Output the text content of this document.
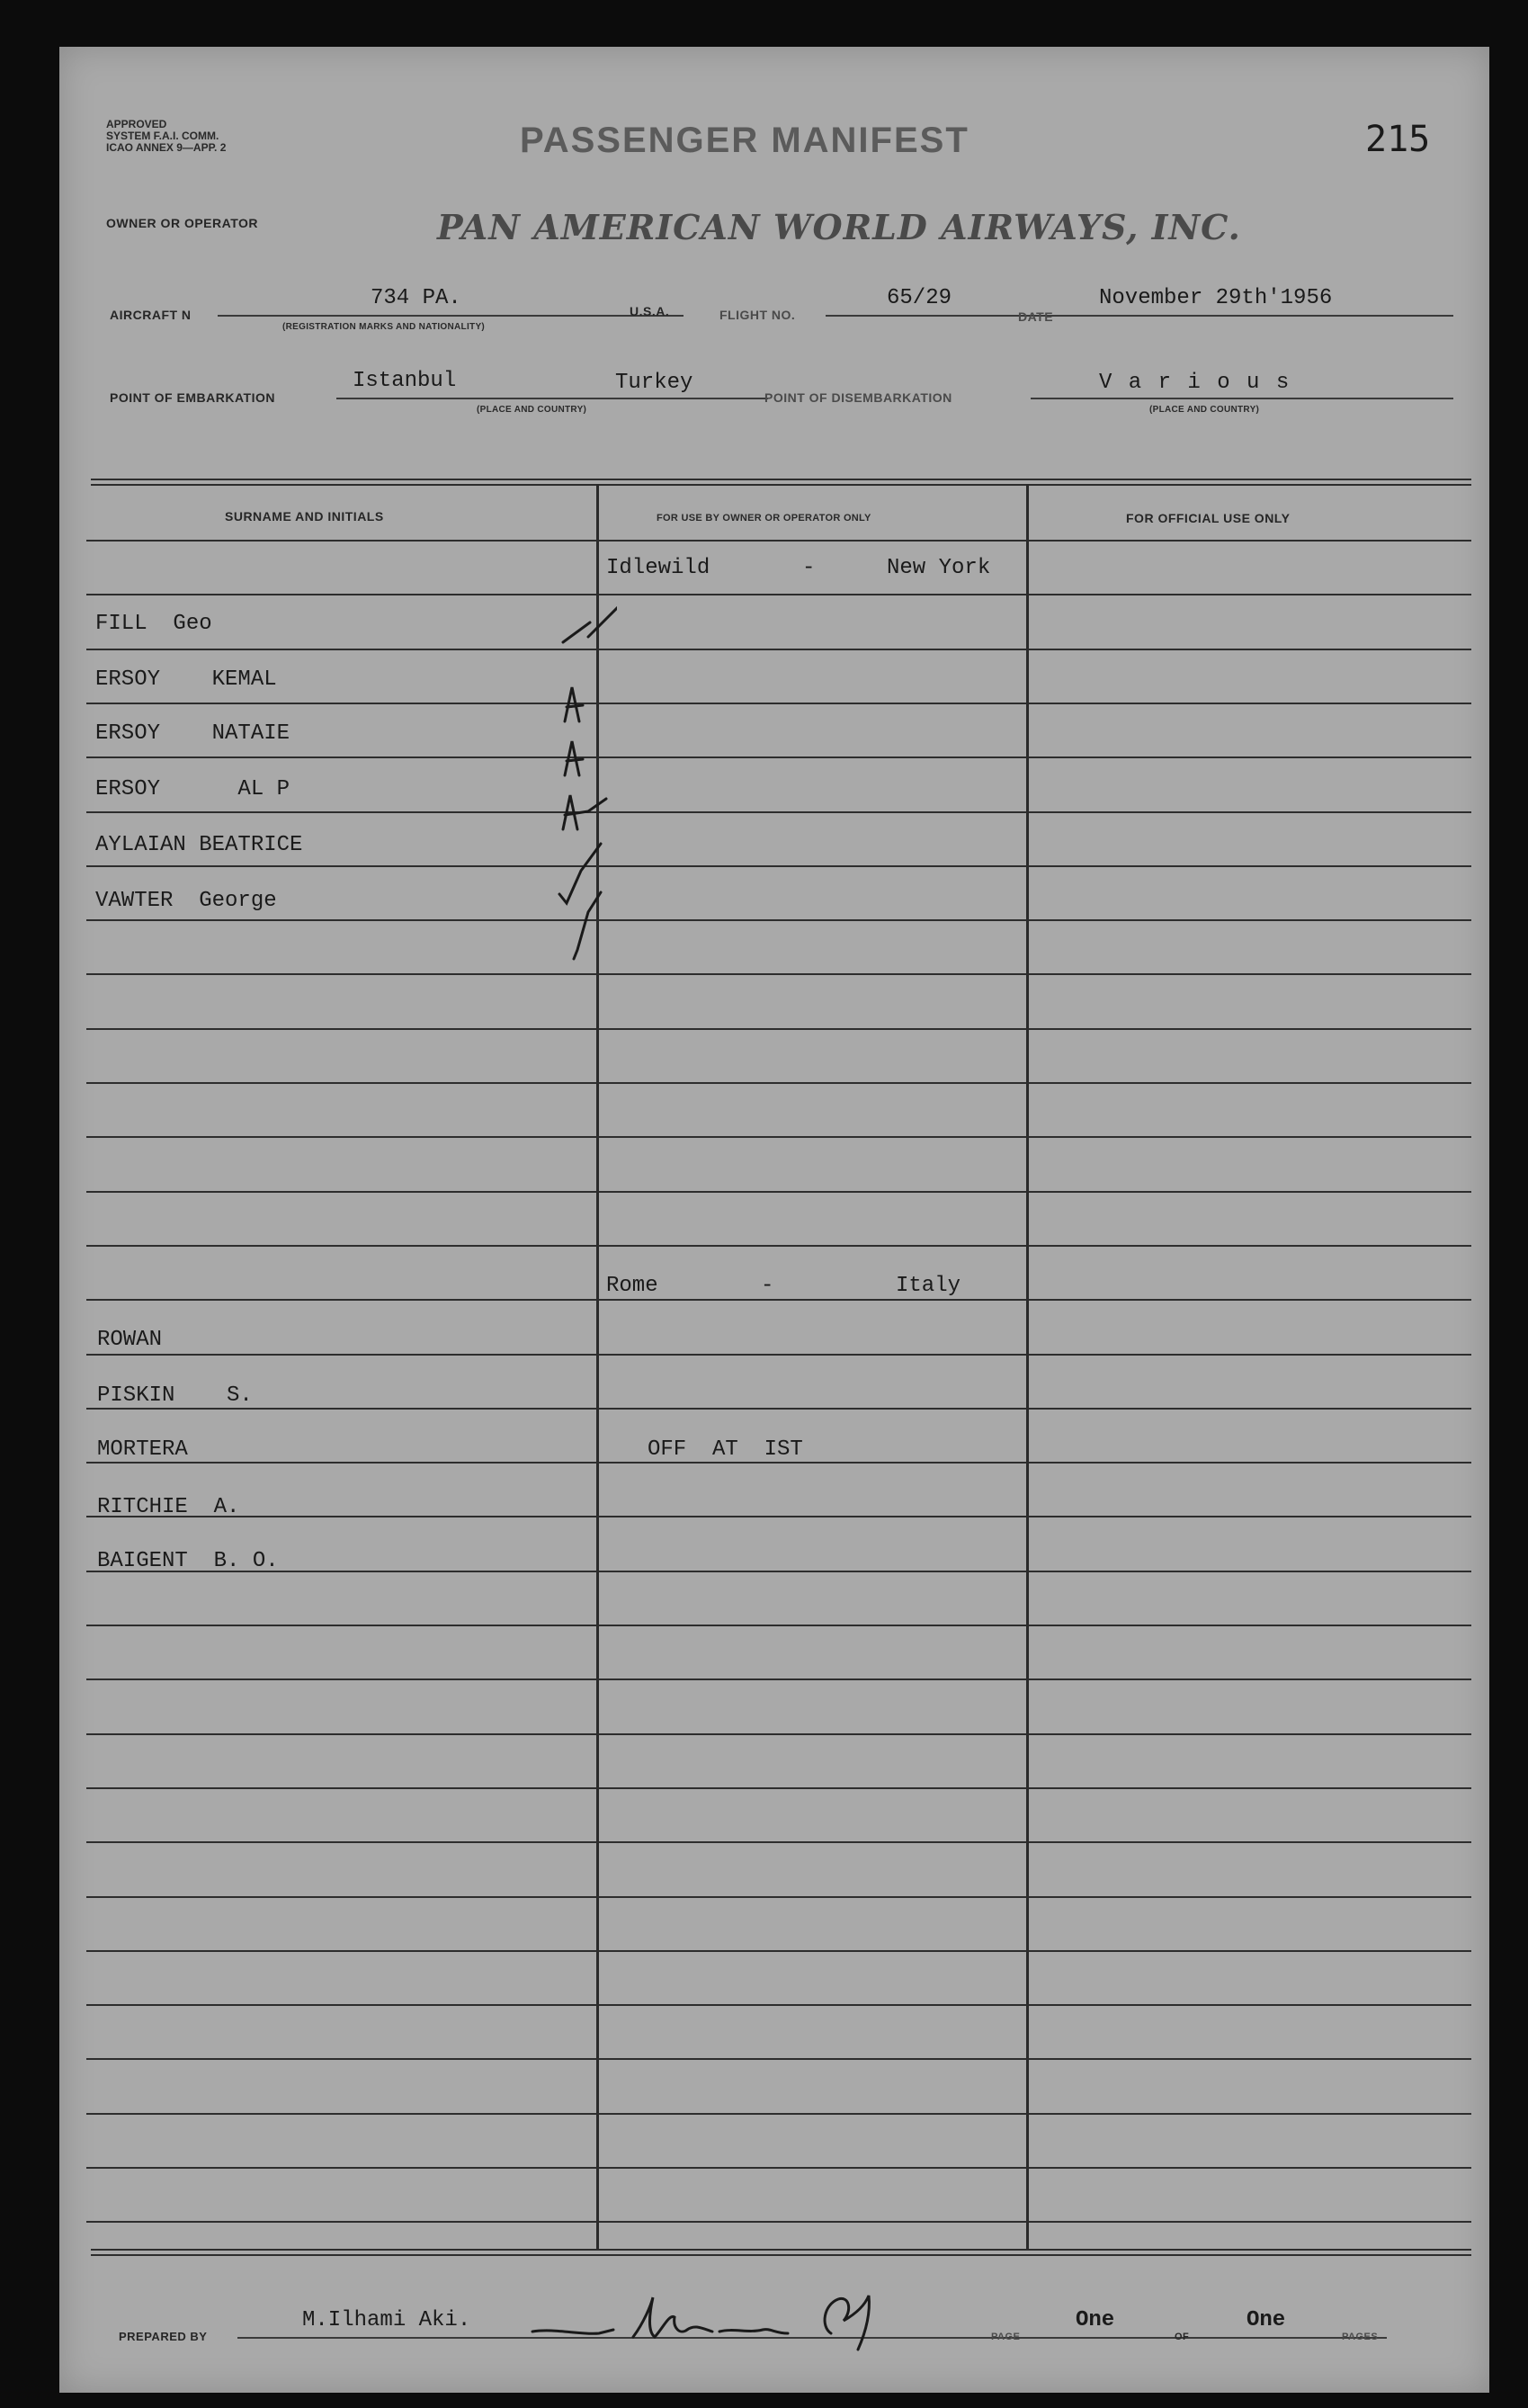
APPROVED
SYSTEM F.A.I. COMM.
ICAO ANNEX 9—APP. 2	PASSENGER MANIFEST	215
OWNER OR OPERATOR	PAN AMERICAN WORLD AIRWAYS, INC.
AIRCRAFT N
734 PA.
(REGISTRATION MARKS AND NATIONALITY)
U.S.A.	FLIGHT NO.
65/29
DATE
November 29th'1956
POINT OF EMBARKATION
Istanbul	Turkey
(PLACE AND COUNTRY)
POINT OF DISEMBARKATION
V a r i o u s
(PLACE AND COUNTRY)
SURNAME AND INITIALS	FOR USE BY OWNER OR OPERATOR ONLY	FOR OFFICIAL USE ONLY
Idlewild	-	New York
FILL  Geo
ERSOY    KEMAL
ERSOY    NATAIE
ERSOY      AL P
AYLAIAN BEATRICE
VAWTER  George
Rome	-	Italy
ROWAN
PISKIN    S.
MORTERA	OFF  AT  IST
RITCHIE  A.
BAIGENT  B. O.
PREPARED BY
M.Ilhami Aki.
PAGE
One
OF
One
PAGES
